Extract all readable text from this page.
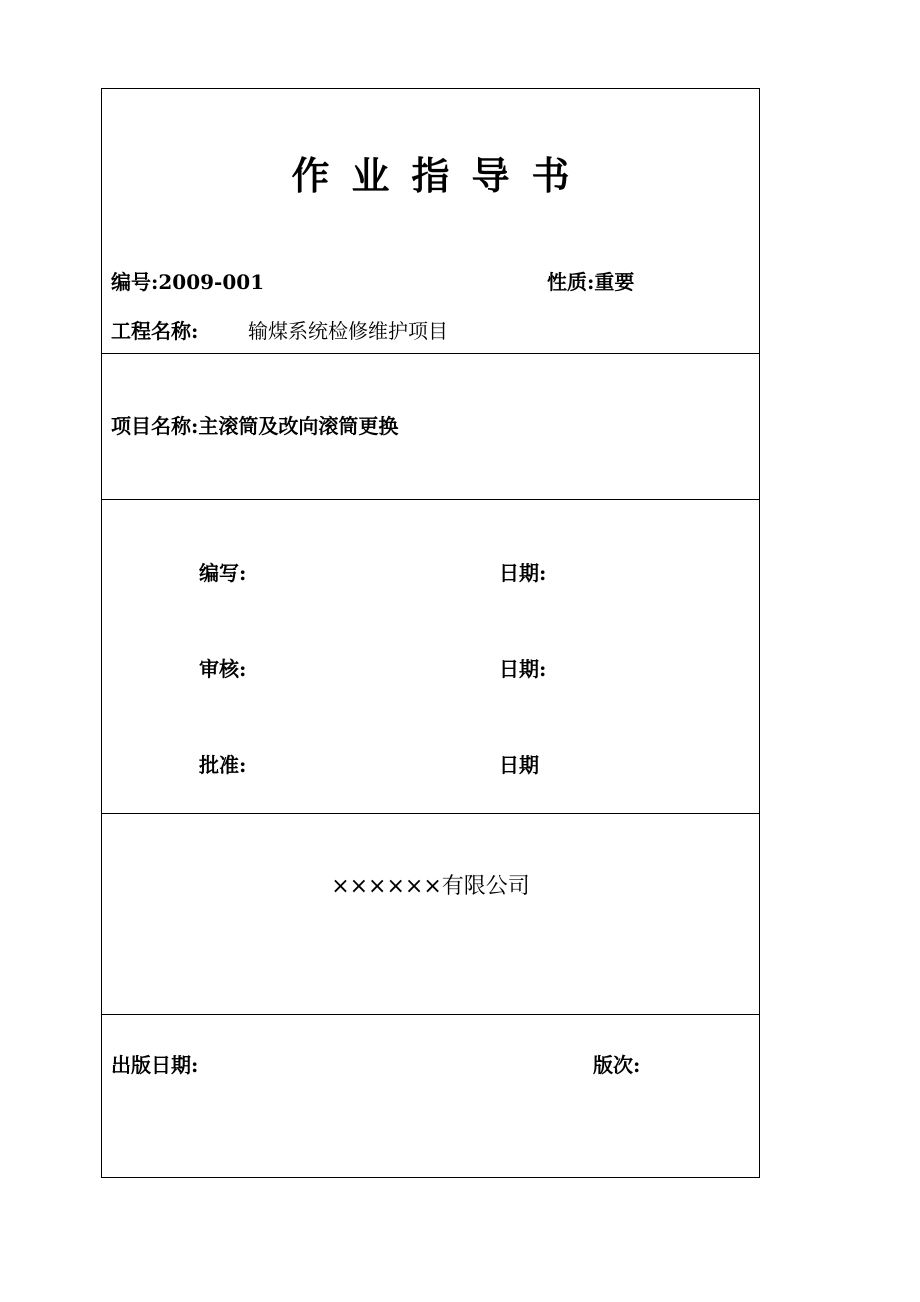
作业指导书
编号:2009-001	性质:重要
工程名称: 输煤系统检修维护项目
项目名称:主滚筒及改向滚筒更换
编写:	日期:
审核:	日期:
批准:	日期
××××××有限公司
出版日期:	版次:
